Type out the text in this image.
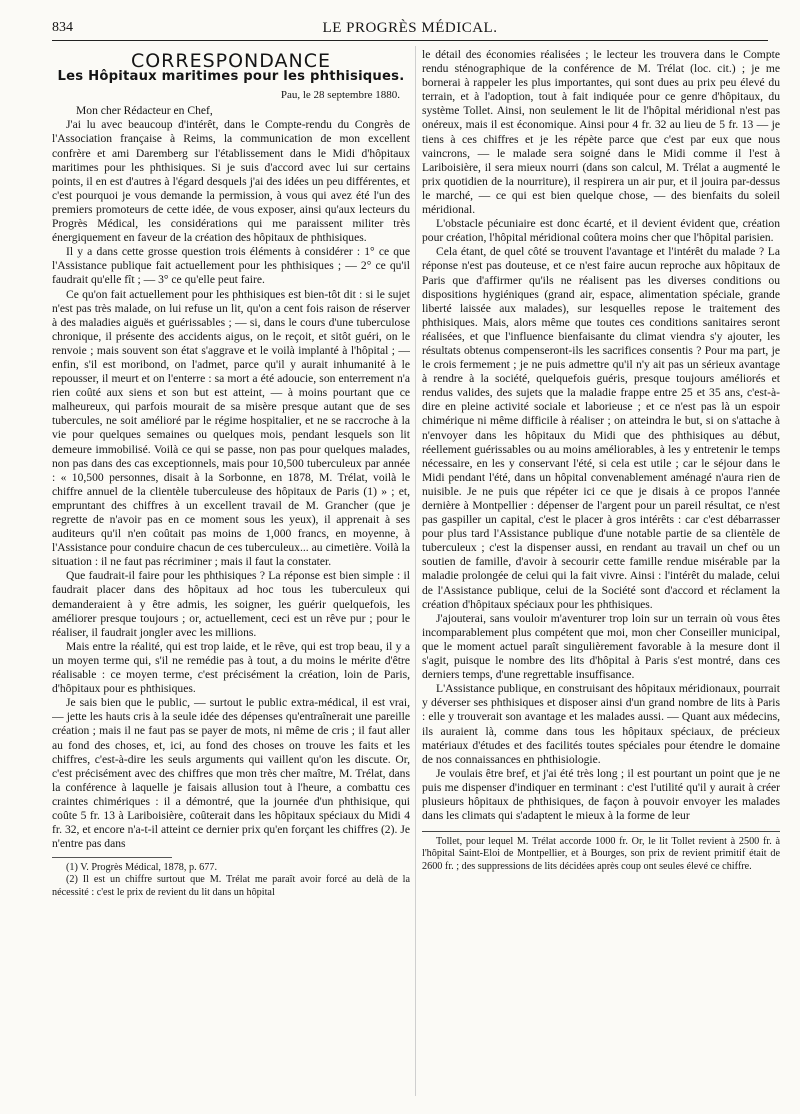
834	LE PROGRÈS MÉDICAL.
CORRESPONDANCE
Les Hôpitaux maritimes pour les phthisiques.
Pau, le 28 septembre 1880.

Mon cher Rédacteur en Chef,

J'ai lu avec beaucoup d'intérêt, dans le Compte-rendu du Congrès de l'Association française à Reims, la communication de mon excellent confrère et ami Daremberg sur l'établissement dans le Midi d'hôpitaux maritimes pour les phthisiques. Si je suis d'accord avec lui sur certains points, il en est d'autres à l'égard desquels j'ai des idées un peu différentes, et c'est pourquoi je vous demande la permission, à vous qui avez été l'un des premiers promoteurs de cette idée, de vous exposer, ainsi qu'aux lecteurs du Progrès Médical, les considérations qui me paraissent militer très énergiquement en faveur de la création des hôpitaux de phthisiques.

Il y a dans cette grosse question trois éléments à considérer : 1° ce que l'Assistance publique fait actuellement pour les phthisiques ; — 2° ce qu'il faudrait qu'elle fît ; — 3° ce qu'elle peut faire.

Ce qu'on fait actuellement pour les phthisiques est bien-tôt dit : si le sujet n'est pas très malade, on lui refuse un lit, qu'on a cent fois raison de réserver à des maladies aiguës et guérissables ; — si, dans le cours d'une tuberculose chronique, il présente des accidents aigus, on le reçoit, et sitôt guéri, on le renvoie ; mais souvent son état s'aggrave et le voilà implanté à l'hôpital ; — enfin, s'il est moribond, on l'admet, parce qu'il y aurait inhumanité à le repousser, il meurt et on l'enterre : sa mort a été adoucie, son enterrement n'a rien coûté aux siens et son but est atteint, — à moins pourtant que ce malheureux, qui parfois mourait de sa misère presque autant que de ses tubercules, ne soit amélioré par le régime hospitalier, et ne se raccroche à la vie pour quelques semaines ou quelques mois, pendant lesquels son lit demeure immobilisé. Voilà ce qui se passe, non pas pour quelques malades, non pas dans des cas exceptionnels, mais pour 10,500 tuberculeux par année : « 10,500 personnes, disait à la Sorbonne, en 1878, M. Trélat, voilà le chiffre annuel de la clientèle tuberculeuse des hôpitaux de Paris (1) » ; et, empruntant des chiffres à un excellent travail de M. Grancher (que je regrette de n'avoir pas en ce moment sous les yeux), il apprenait à ses auditeurs qu'il n'en coûtait pas moins de 1,000 francs, en moyenne, à l'Assistance pour conduire chacun de ces tuberculeux... au cimetière. Voilà la situation : il ne faut pas récriminer ; mais il faut la constater.

Que faudrait-il faire pour les phthisiques ? La réponse est bien simple : il faudrait placer dans des hôpitaux ad hoc tous les tuberculeux qui demanderaient à y être admis, les soigner, les guérir quelquefois, les améliorer presque toujours ; or, actuellement, ceci est un rêve pur ; pour le réaliser, il faudrait jongler avec les millions.

Mais entre la réalité, qui est trop laide, et le rêve, qui est trop beau, il y a un moyen terme qui, s'il ne remédie pas à tout, a du moins le mérite d'être réalisable : ce moyen terme, c'est précisément la création, loin de Paris, d'hôpitaux pour es phthisiques.

Je sais bien que le public, — surtout le public extra-médical, il est vrai, — jette les hauts cris à la seule idée des dépenses qu'entraînerait une pareille création ; mais il ne faut pas se payer de mots, ni même de cris ; il faut aller au fond des choses, et, ici, au fond des choses on trouve les faits et les chiffres, c'est-à-dire les seuls arguments qui vaillent qu'on les discute. Or, c'est précisément avec des chiffres que mon très cher maître, M. Trélat, dans la conférence à laquelle je faisais allusion tout à l'heure, a combattu ces craintes chimériques : il a démontré, que la journée d'un phthisique, qui coûte 5 fr. 13 à Lariboisière, coûterait dans les hôpitaux spéciaux du Midi 4 fr. 32, et encore n'a-t-il atteint ce dernier prix qu'en forçant les chiffres (2). Je n'entre pas dans

(1) V. Progrès Médical, 1878, p. 677.

(2) Il est un chiffre surtout que M. Trélat me paraît avoir forcé au delà de la nécessité : c'est le prix de revient du lit dans un hôpital

le détail des économies réalisées ; le lecteur les trouvera dans le Compte rendu sténographique de la conférence de M. Trélat (loc. cit.) ; je me bornerai à rappeler les plus importantes, qui sont dues au prix peu élevé du terrain, et à l'adoption, tout à fait indiquée pour ce genre d'hôpitaux, du système Tollet. Ainsi, non seulement le lit de l'hôpital méridional n'est pas onéreux, mais il est économique. Ainsi pour 4 fr. 32 au lieu de 5 fr. 13 — je tiens à ces chiffres et je les répète parce que c'est par eux que nous vaincrons, — le malade sera soigné dans le Midi comme il l'est à Lariboisière, il sera mieux nourri (dans son calcul, M. Trélat a augmenté le prix quotidien de la nourriture), il respirera un air pur, et il jouira par-dessus le marché, — ce qui est bien quelque chose, — des bienfaits du soleil méridional.

L'obstacle pécuniaire est donc écarté, et il devient évident que, création pour création, l'hôpital méridional coûtera moins cher que l'hôpital parisien.

Cela étant, de quel côté se trouvent l'avantage et l'intérêt du malade ? La réponse n'est pas douteuse, et ce n'est faire aucun reproche aux hôpitaux de Paris que d'affirmer qu'ils ne réalisent pas les diverses conditions ou dispositions hygiéniques (grand air, espace, alimentation spéciale, grande liberté laissée aux malades), sur lesquelles repose le traitement des phthisiques. Mais, alors même que toutes ces conditions sanitaires seront réalisées, et que l'influence bienfaisante du climat viendra s'y ajouter, les résultats obtenus compenseront-ils les sacrifices consentis ? Pour ma part, je le crois fermement ; je ne puis admettre qu'il n'y ait pas un sérieux avantage à rendre à la société, quelquefois guéris, presque toujours améliorés et rendus valides, des sujets que la maladie frappe entre 25 et 35 ans, c'est-à-dire en pleine activité sociale et laborieuse ; et ce n'est pas là un espoir chimérique ni même difficile à réaliser ; on atteindra le but, si on s'attache à n'envoyer dans les hôpitaux du Midi que des phthisiques au début, réellement guérissables ou au moins améliorables, à les y entretenir le temps nécessaire, en les y conservant l'été, si cela est utile ; car le séjour dans le Midi pendant l'été, dans un hôpital convenablement aménagé n'aura rien de nuisible. Je ne puis que répéter ici ce que je disais à ce propos l'année dernière à Montpellier : dépenser de l'argent pour un pareil résultat, ce n'est pas gaspiller un capital, c'est le placer à gros intérêts : car c'est débarrasser pour plus tard l'Assistance publique d'une notable partie de sa clientèle de tuberculeux ; c'est la dispenser aussi, en rendant au travail un chef ou un soutien de famille, d'avoir à secourir cette famille rendue misérable par la maladie prolongée de celui qui la fait vivre. Ainsi : l'intérêt du malade, celui de l'Assistance publique, celui de la Société sont d'accord et réclament la création d'hôpitaux spéciaux pour les phthisiques.

J'ajouterai, sans vouloir m'aventurer trop loin sur un terrain où vous êtes incomparablement plus compétent que moi, mon cher Conseiller municipal, que le moment actuel paraît singulièrement favorable à la mesure dont il s'agit, puisque le nombre des lits d'hôpital à Paris s'est montré, dans ces derniers temps, d'une regrettable insuffisance.

L'Assistance publique, en construisant des hôpitaux méridionaux, pourrait y déverser ses phthisiques et disposer ainsi d'un grand nombre de lits à Paris : elle y trouverait son avantage et les malades aussi. — Quant aux médecins, ils auraient là, comme dans tous les hôpitaux spéciaux, de précieux matériaux d'études et des facilités toutes spéciales pour étendre le domaine de nos connaissances en phthisiologie.

Je voulais être bref, et j'ai été très long ; il est pourtant un point que je ne puis me dispenser d'indiquer en terminant : c'est l'utilité qu'il y aurait à créer plusieurs hôpitaux de phthisiques, de façon à pouvoir envoyer les malades dans les climats qui s'adaptent le mieux à la forme de leur

Tollet, pour lequel M. Trélat accorde 1000 fr. Or, le lit Tollet revient à 2500 fr. à l'hôpital Saint-Eloi de Montpellier, et à Bourges, son prix de revient primitif était de 2600 fr. ; des suppressions de lits décidées après coup ont seules élevé ce chiffre.
